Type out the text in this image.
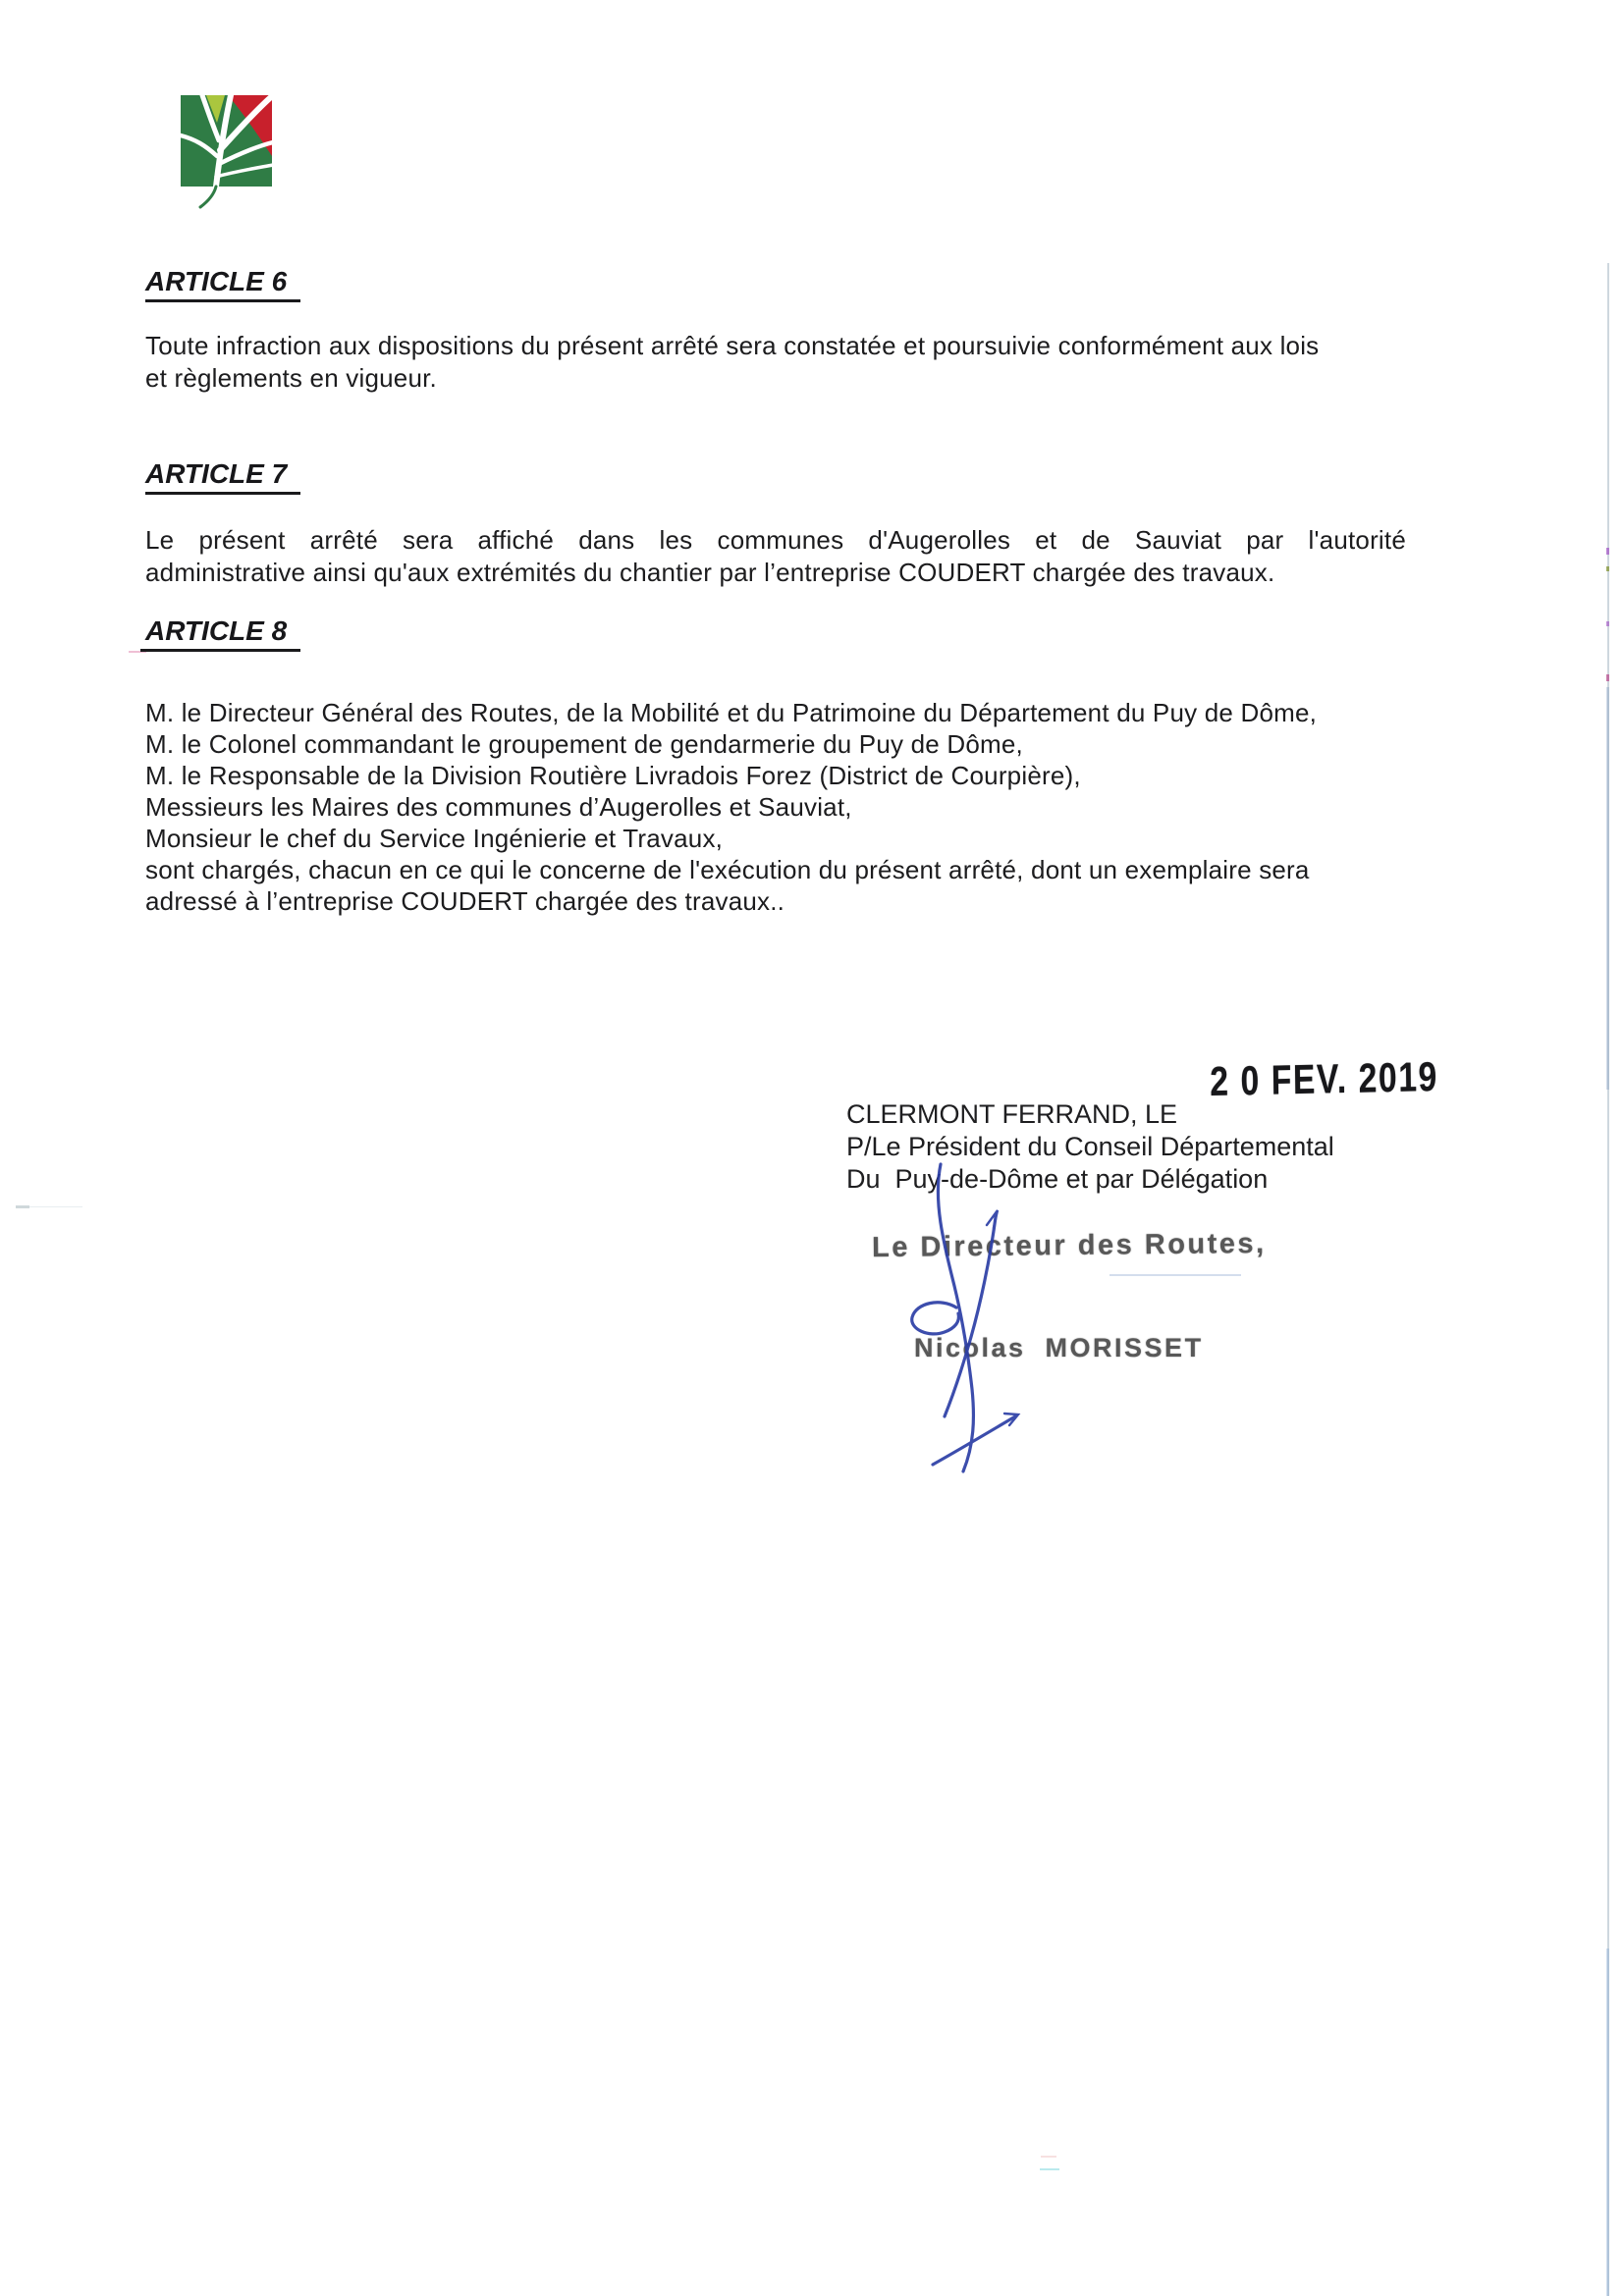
ARTICLE 6
Toute infraction aux dispositions du présent arrêté sera constatée et poursuivie conformément aux lois
et règlements en vigueur.
ARTICLE 7
Le présent arrêté sera affiché dans les communes d'Augerolles et de Sauviat par l'autorité
administrative ainsi qu'aux extrémités du chantier par l’entreprise COUDERT chargée des travaux.
ARTICLE 8
M. le Directeur Général des Routes, de la Mobilité et du Patrimoine du Département du Puy de Dôme,
M. le Colonel commandant le groupement de gendarmerie du Puy de Dôme,
M. le Responsable de la Division Routière Livradois Forez (District de Courpière),
Messieurs les Maires des communes d’Augerolles et Sauviat,
Monsieur le chef du Service Ingénierie et Travaux,
sont chargés, chacun en ce qui le concerne de l'exécution du présent arrêté, dont un exemplaire sera
adressé à l’entreprise COUDERT chargée des travaux..
2 0 FEV. 2019
CLERMONT FERRAND, LE
P/Le Président du Conseil Départemental
Du  Puy-de-Dôme et par Délégation
Le Directeur des Routes,
Nicolas  MORISSET
